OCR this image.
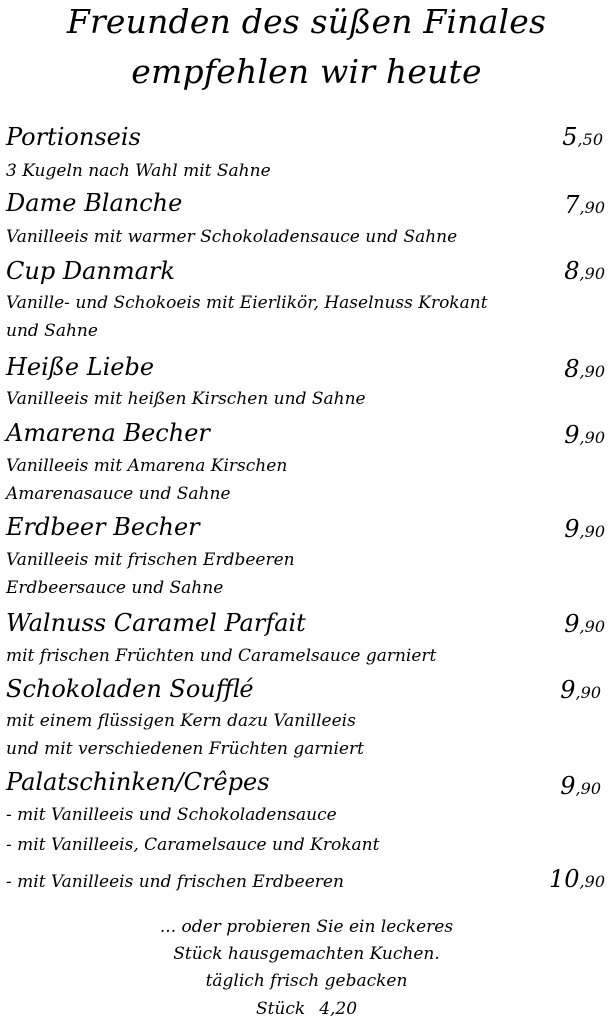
Freunden des süßen Finales
empfehlen wir heute
Portionseis	5,50
3 Kugeln nach Wahl mit Sahne
Dame Blanche	7,90
Vanilleeis mit warmer Schokoladensauce und Sahne
Cup Danmark	8,90
Vanille- und Schokoeis mit Eierlikör, Haselnuss Krokant
und Sahne
Heiße Liebe	8,90
Vanilleeis mit heißen Kirschen und Sahne
Amarena Becher	9,90
Vanilleeis mit Amarena Kirschen
Amarenasauce und Sahne
Erdbeer Becher	9,90
Vanilleeis mit frischen Erdbeeren
Erdbeersauce und Sahne
Walnuss Caramel Parfait	9,90
mit frischen Früchten und Caramelsauce garniert
Schokoladen Soufflé	9,90
mit einem flüssigen Kern dazu Vanilleeis
und mit verschiedenen Früchten garniert
Palatschinken/Crêpes	9,90
- mit Vanilleeis und Schokoladensauce
- mit Vanilleeis, Caramelsauce und Krokant
- mit Vanilleeis und frischen Erdbeeren	10,90
... oder probieren Sie ein leckeres
Stück hausgemachten Kuchen.
täglich frisch gebacken
Stück 4,20
